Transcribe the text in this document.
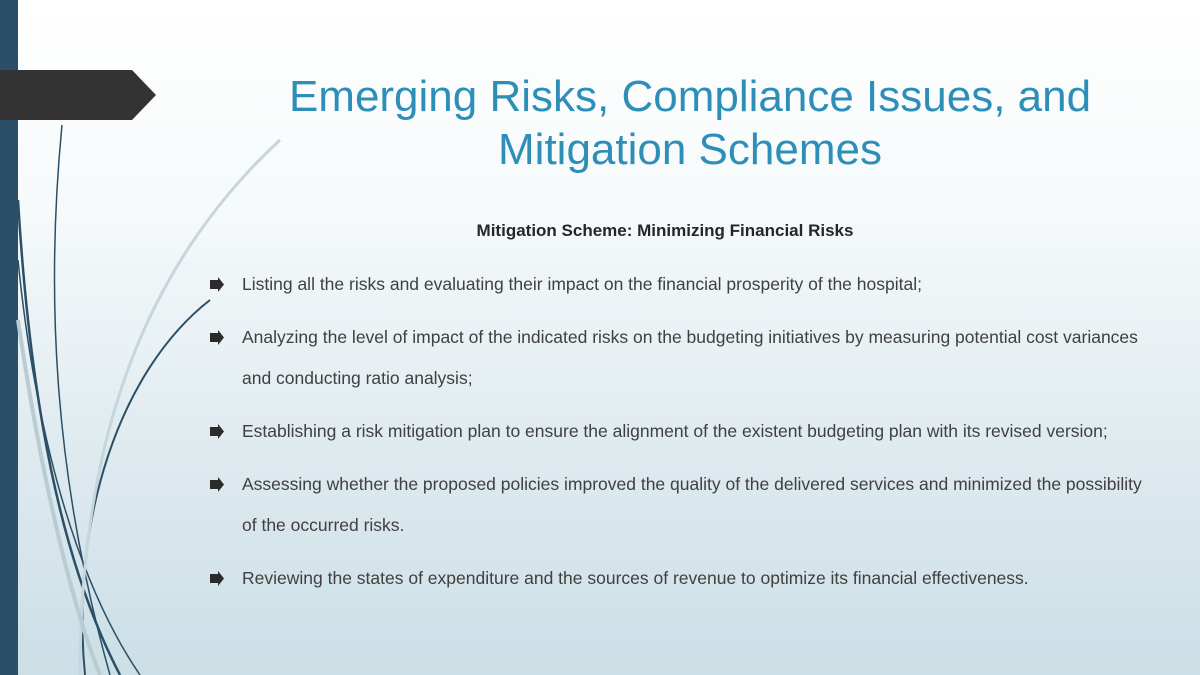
Emerging Risks, Compliance Issues, and
Mitigation Schemes

Mitigation Scheme: Minimizing Financial Risks

Listing all the risks and evaluating their impact on the financial prosperity of the hospital;
Analyzing the level of impact of the indicated risks on the budgeting initiatives by measuring potential cost variances and conducting ratio analysis;
Establishing a risk mitigation plan to ensure the alignment of the existent budgeting plan with its revised version;
Assessing whether the proposed policies improved the quality of the delivered services and minimized the possibility of the occurred risks.
Reviewing the states of expenditure and the sources of revenue to optimize its financial effectiveness.
